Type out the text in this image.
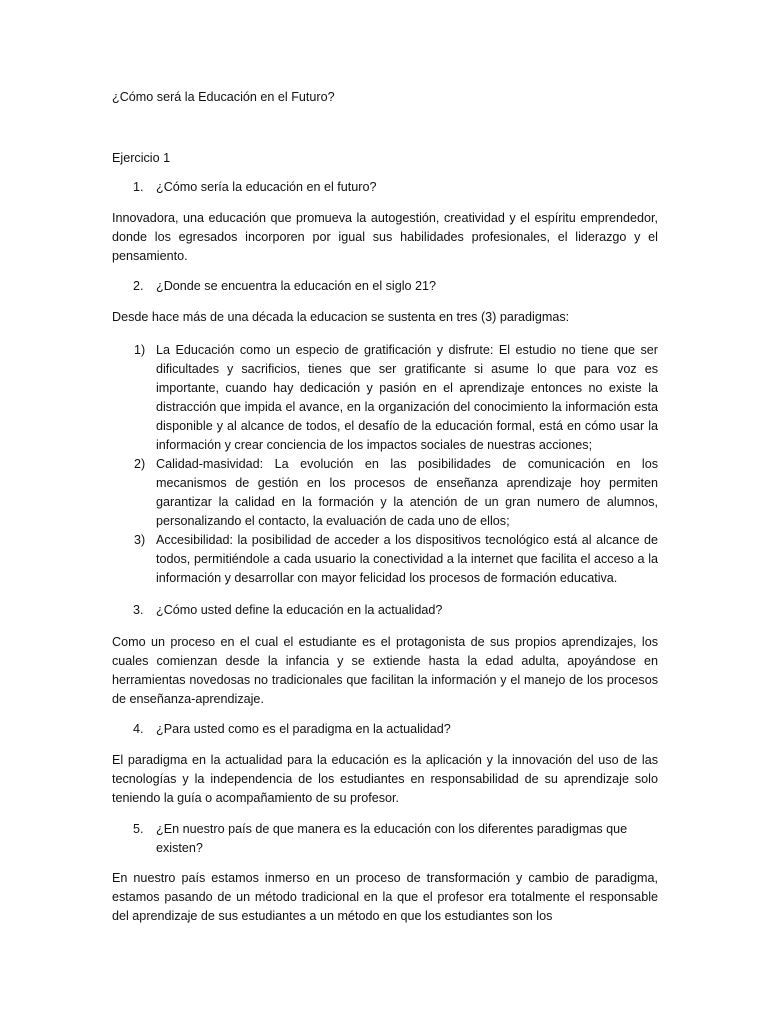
¿Cómo será la Educación en el Futuro?

Ejercicio 1

1. ¿Cómo sería la educación en el futuro?

Innovadora, una educación que promueva la autogestión, creatividad y el espíritu emprendedor, donde los egresados incorporen por igual sus habilidades profesionales, el liderazgo y el pensamiento.

2. ¿Donde se encuentra la educación en el siglo 21?

Desde hace más de una década la educacion se sustenta en tres (3) paradigmas:

1) La Educación como un especio de gratificación y disfrute: El estudio no tiene que ser dificultades y sacrificios, tienes que ser gratificante si asume lo que para voz es importante, cuando hay dedicación y pasión en el aprendizaje entonces no existe la distracción que impida el avance, en la organización del conocimiento la información esta disponible y al alcance de todos, el desafío de la educación formal, está en cómo usar la información y crear conciencia de los impactos sociales de nuestras acciones;
2) Calidad-masividad: La evolución en las posibilidades de comunicación en los mecanismos de gestión en los procesos de enseñanza aprendizaje hoy permiten garantizar la calidad en la formación y la atención de un gran numero de alumnos, personalizando el contacto, la evaluación de cada uno de ellos;
3) Accesibilidad: la posibilidad de acceder a los dispositivos tecnológico está al alcance de todos, permitiéndole a cada usuario la conectividad a la internet que facilita el acceso a la información y desarrollar con mayor felicidad los procesos de formación educativa.

3. ¿Cómo usted define la educación en la actualidad?

Como un proceso en el cual el estudiante es el protagonista de sus propios aprendizajes, los cuales comienzan desde la infancia y se extiende hasta la edad adulta, apoyándose en herramientas novedosas no tradicionales que facilitan la información y el manejo de los procesos de enseñanza-aprendizaje.

4. ¿Para usted como es el paradigma en la actualidad?

El paradigma en la actualidad para la educación es la aplicación y la innovación del uso de las tecnologías y la independencia de los estudiantes en responsabilidad de su aprendizaje solo teniendo la guía o acompañamiento de su profesor.

5. ¿En nuestro país de que manera es la educación con los diferentes paradigmas que existen?

En nuestro país estamos inmerso en un proceso de transformación y cambio de paradigma, estamos pasando de un método tradicional en la que el profesor era totalmente el responsable del aprendizaje de sus estudiantes a un método en que los estudiantes son los
